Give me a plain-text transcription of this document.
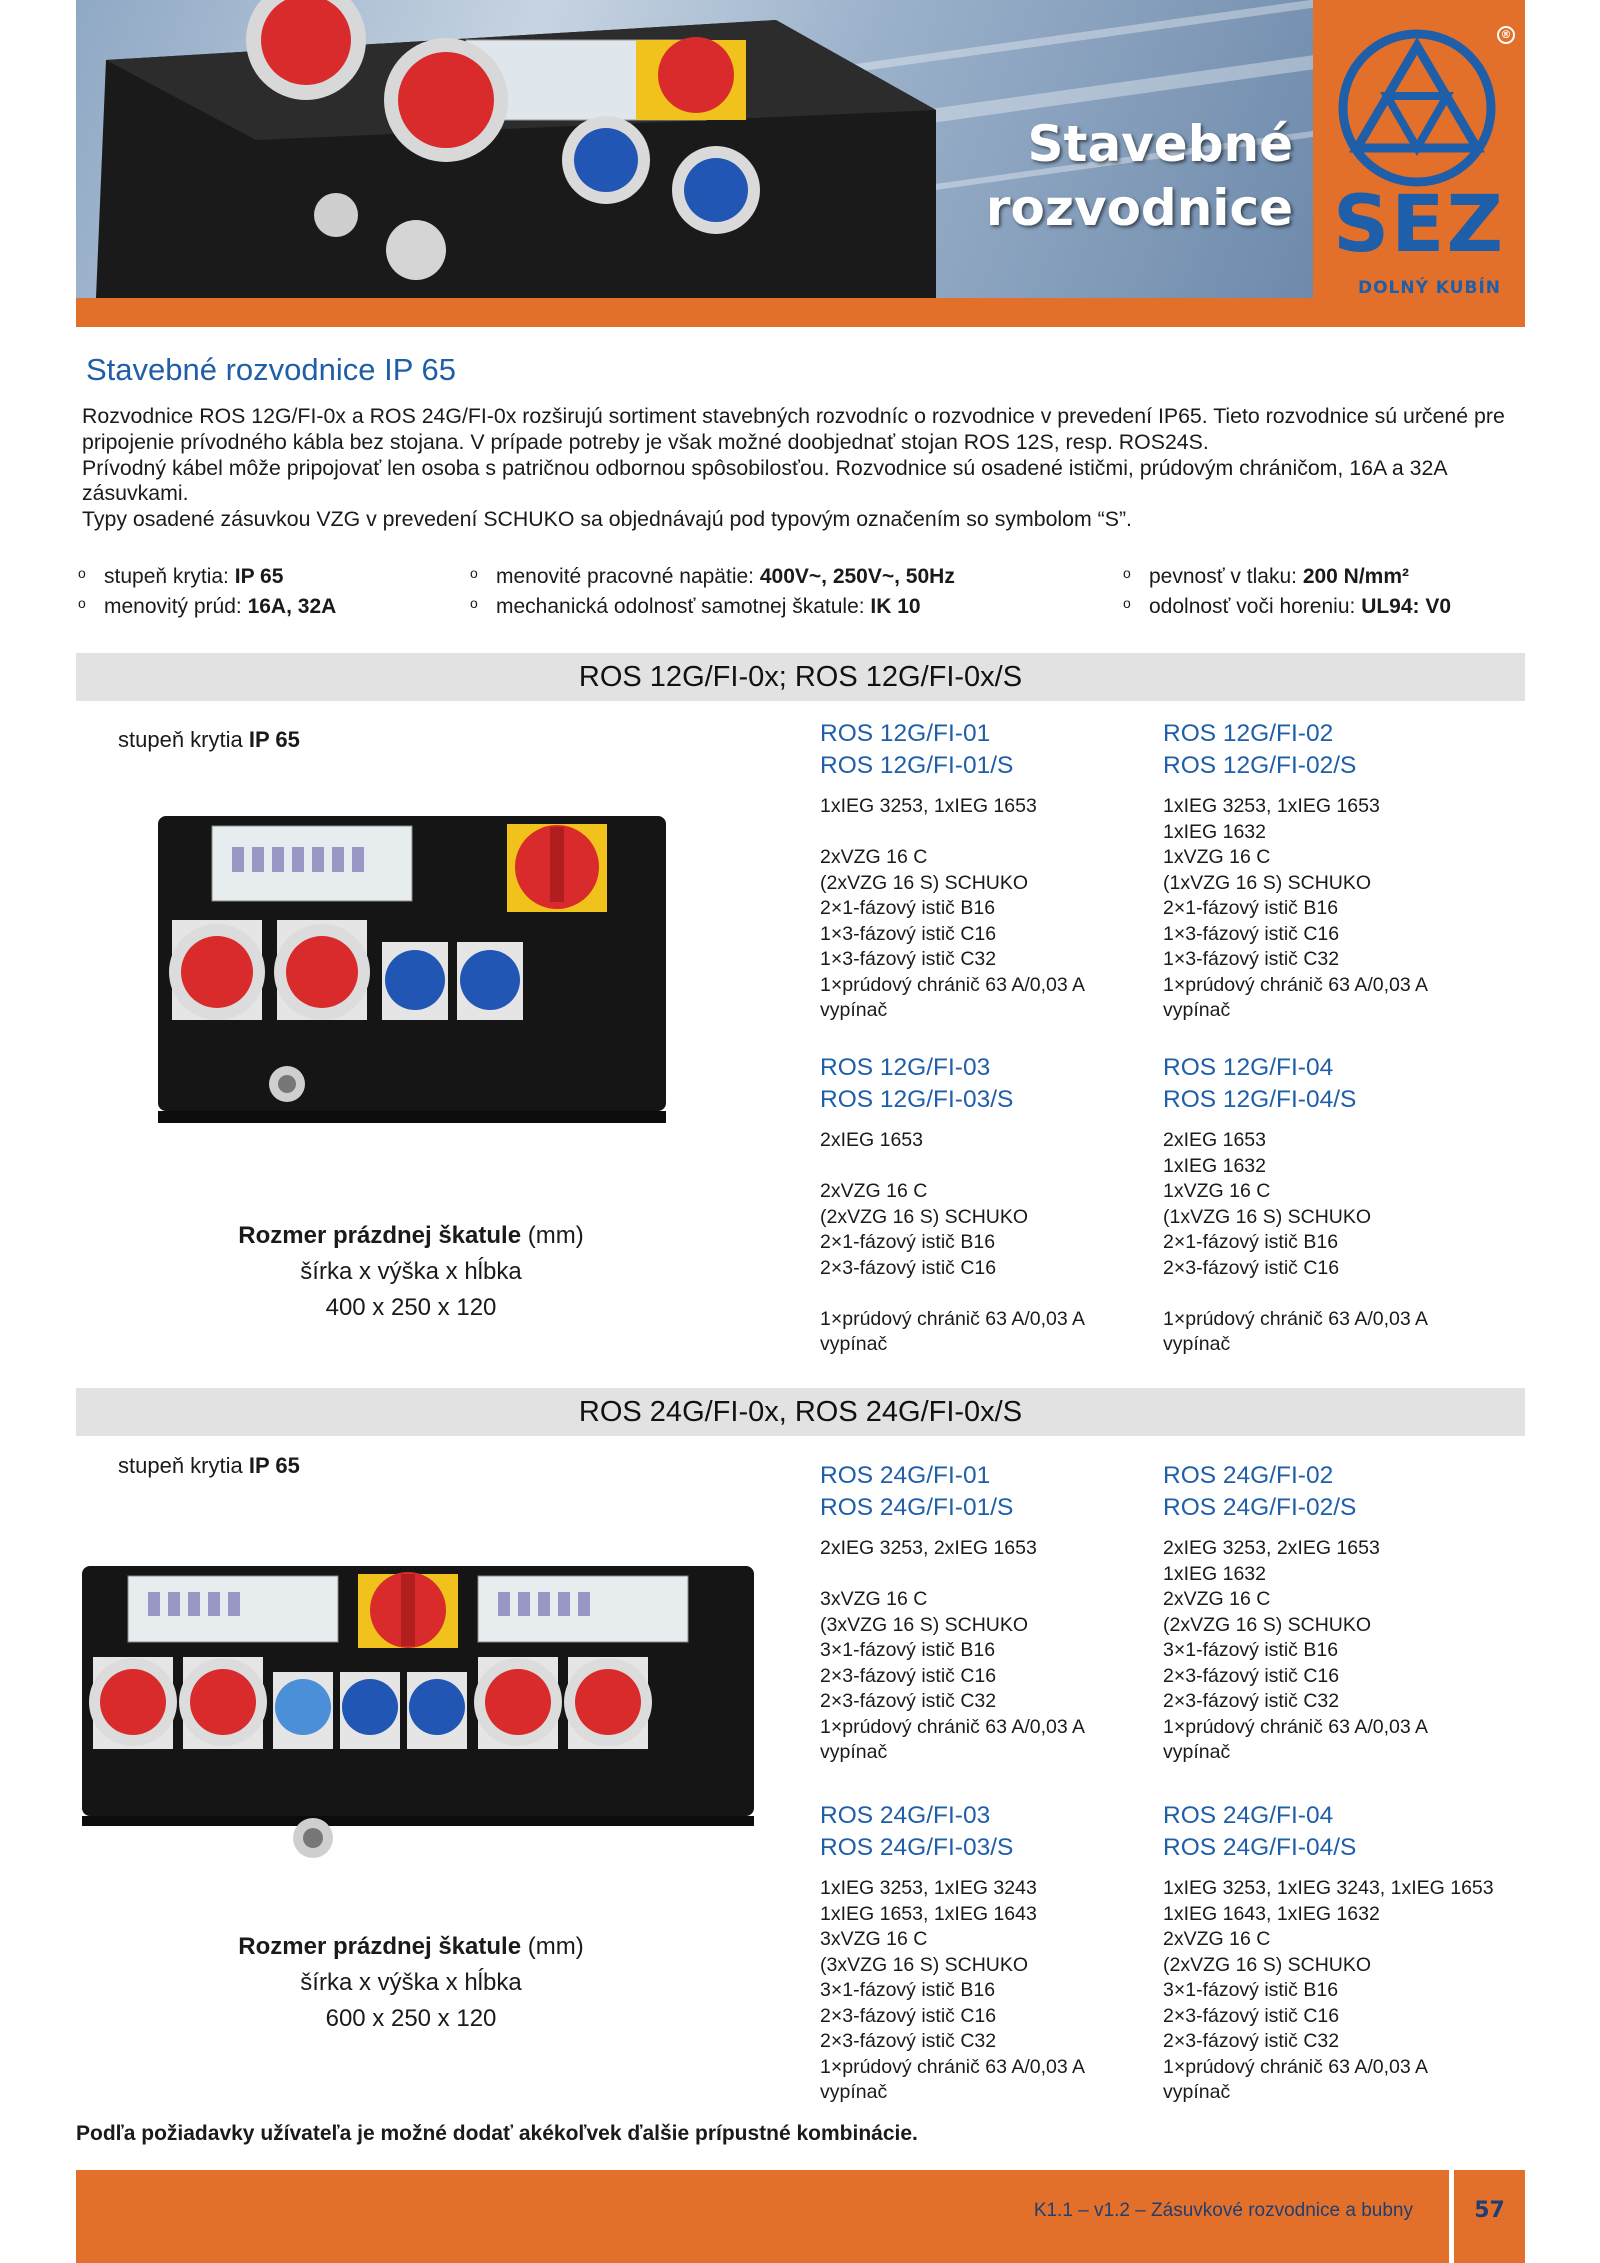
Stavebné
rozvodnice
®
SEZ
DOLNÝ KUBÍN
Stavebné rozvodnice IP 65
Rozvodnice ROS 12G/FI-0x a ROS 24G/FI-0x rozširujú sortiment stavebných rozvodníc o rozvodnice v prevedení IP65. Tieto rozvodnice sú určené pre pripojenie prívodného kábla bez stojana. V prípade potreby je však možné doobjednať stojan ROS 12S, resp. ROS24S.
Prívodný kábel môže pripojovať len osoba s patričnou odbornou spôsobilosťou. Rozvodnice sú osadené ističmi, prúdovým chráničom, 16A a 32A zásuvkami.
Typy osadené zásuvkou VZG v prevedení SCHUKO sa objednávajú pod typovým označením so symbolom “S”.
o stupeň krytia: IP 65
o menovitý prúd: 16A, 32A
o menovité pracovné napätie: 400V~, 250V~, 50Hz
o mechanická odolnosť samotnej škatule: IK 10
o pevnosť v tlaku: 200 N/mm²
o odolnosť voči horeniu: UL94: V0
ROS 12G/FI-0x; ROS 12G/FI-0x/S
stupeň krytia IP 65
Rozmer prázdnej škatule (mm)
šírka x výška x hĺbka
400 x 250 x 120
ROS 12G/FI-01
ROS 12G/FI-01/S
1xIEG 3253, 1xIEG 1653
2xVZG 16 C
(2xVZG 16 S) SCHUKO
2×1-fázový istič B16
1×3-fázový istič C16
1×3-fázový istič C32
1×prúdový chránič 63 A/0,03 A
vypínač
ROS 12G/FI-02
ROS 12G/FI-02/S
1xIEG 3253, 1xIEG 1653
1xIEG 1632
1xVZG 16 C
(1xVZG 16 S) SCHUKO
2×1-fázový istič B16
1×3-fázový istič C16
1×3-fázový istič C32
1×prúdový chránič 63 A/0,03 A
vypínač
ROS 12G/FI-03
ROS 12G/FI-03/S
2xIEG 1653
2xVZG 16 C
(2xVZG 16 S) SCHUKO
2×1-fázový istič B16
2×3-fázový istič C16
1×prúdový chránič 63 A/0,03 A
vypínač
ROS 12G/FI-04
ROS 12G/FI-04/S
2xIEG 1653
1xIEG 1632
1xVZG 16 C
(1xVZG 16 S) SCHUKO
2×1-fázový istič B16
2×3-fázový istič C16
1×prúdový chránič 63 A/0,03 A
vypínač
ROS 24G/FI-0x, ROS 24G/FI-0x/S
stupeň krytia IP 65
Rozmer prázdnej škatule (mm)
šírka x výška x hĺbka
600 x 250 x 120
ROS 24G/FI-01
ROS 24G/FI-01/S
2xIEG 3253, 2xIEG 1653
3xVZG 16 C
(3xVZG 16 S) SCHUKO
3×1-fázový istič B16
2×3-fázový istič C16
2×3-fázový istič C32
1×prúdový chránič 63 A/0,03 A
vypínač
ROS 24G/FI-02
ROS 24G/FI-02/S
2xIEG 3253, 2xIEG 1653
1xIEG 1632
2xVZG 16 C
(2xVZG 16 S) SCHUKO
3×1-fázový istič B16
2×3-fázový istič C16
2×3-fázový istič C32
1×prúdový chránič 63 A/0,03 A
vypínač
ROS 24G/FI-03
ROS 24G/FI-03/S
1xIEG 3253, 1xIEG 3243
1xIEG 1653, 1xIEG 1643
3xVZG 16 C
(3xVZG 16 S) SCHUKO
3×1-fázový istič B16
2×3-fázový istič C16
2×3-fázový istič C32
1×prúdový chránič 63 A/0,03 A
vypínač
ROS 24G/FI-04
ROS 24G/FI-04/S
1xIEG 3253, 1xIEG 3243, 1xIEG 1653
1xIEG 1643, 1xIEG 1632
2xVZG 16 C
(2xVZG 16 S) SCHUKO
3×1-fázový istič B16
2×3-fázový istič C16
2×3-fázový istič C32
1×prúdový chránič 63 A/0,03 A
vypínač
Podľa požiadavky užívateľa je možné dodať akékoľvek ďalšie prípustné kombinácie.
K1.1 – v1.2 – Zásuvkové rozvodnice a bubny	57
